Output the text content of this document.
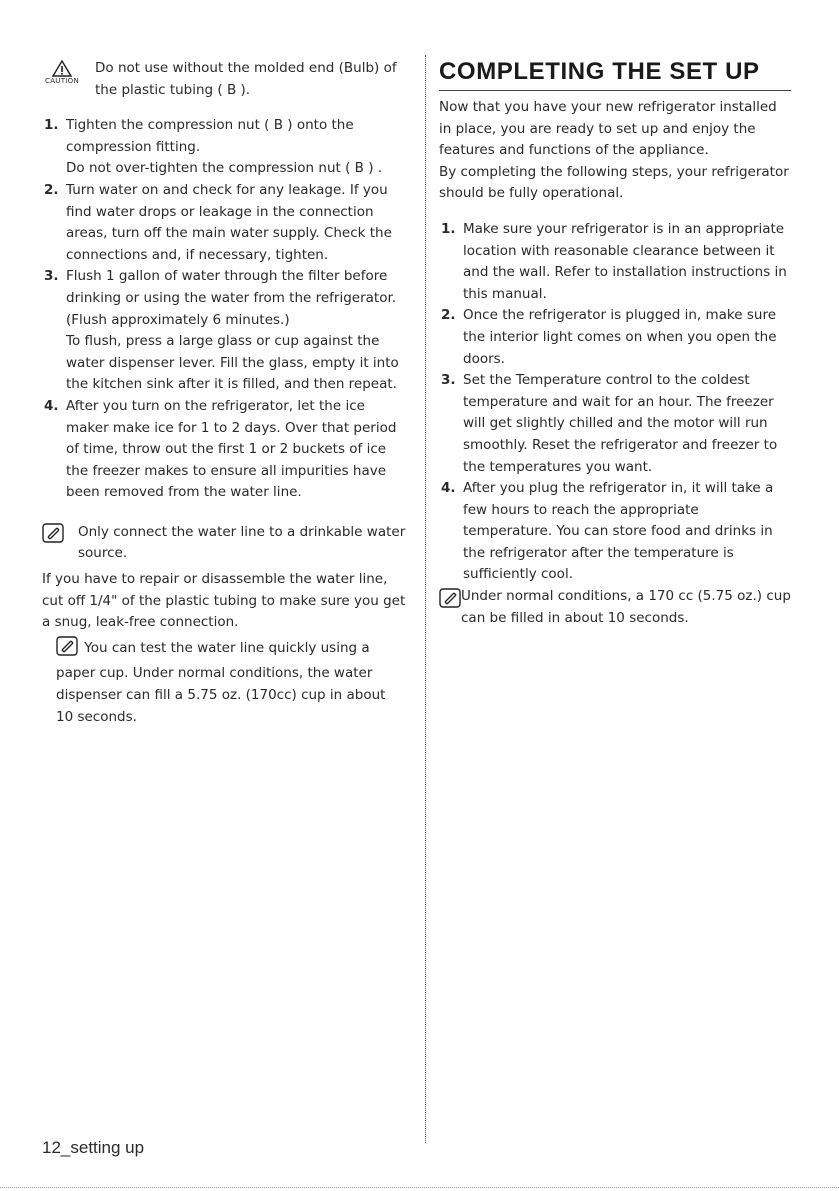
CAUTION

Do not use without the molded end (Bulb) of the plastic tubing ( B ).

1. Tighten the compression nut ( B ) onto the compression fitting.
Do not over-tighten the compression nut ( B ) .
2. Turn water on and check for any leakage. If you find water drops or leakage in the connection areas, turn off the main water supply. Check the connections and, if necessary, tighten.
3. Flush 1 gallon of water through the filter before drinking or using the water from the refrigerator. (Flush approximately 6 minutes.)
To flush, press a large glass or cup against the water dispenser lever. Fill the glass, empty it into the kitchen sink after it is filled, and then repeat.
4. After you turn on the refrigerator, let the ice maker make ice for 1 to 2 days. Over that period of time, throw out the first 1 or 2 buckets of ice the freezer makes to ensure all impurities have been removed from the water line.

Only connect the water line to a drinkable water source.

If you have to repair or disassemble the water line, cut off 1/4" of the plastic tubing to make sure you get a snug, leak-free connection.

You can test the water line quickly using a paper cup. Under normal conditions, the water dispenser can fill a 5.75 oz. (170cc) cup in about 10 seconds.

COMPLETING THE SET UP

Now that you have your new refrigerator installed in place, you are ready to set up and enjoy the features and functions of the appliance.

By completing the following steps, your refrigerator should be fully operational.

1. Make sure your refrigerator is in an appropriate location with reasonable clearance between it and the wall. Refer to installation instructions in this manual.
2. Once the refrigerator is plugged in, make sure the interior light comes on when you open the doors.
3. Set the Temperature control to the coldest temperature and wait for an hour. The freezer will get slightly chilled and the motor will run smoothly. Reset the refrigerator and freezer to the temperatures you want.
4. After you plug the refrigerator in, it will take a few hours to reach the appropriate temperature. You can store food and drinks in the refrigerator after the temperature is sufficiently cool.

Under normal conditions, a 170 cc (5.75 oz.) cup can be filled in about 10 seconds.

12_setting up
